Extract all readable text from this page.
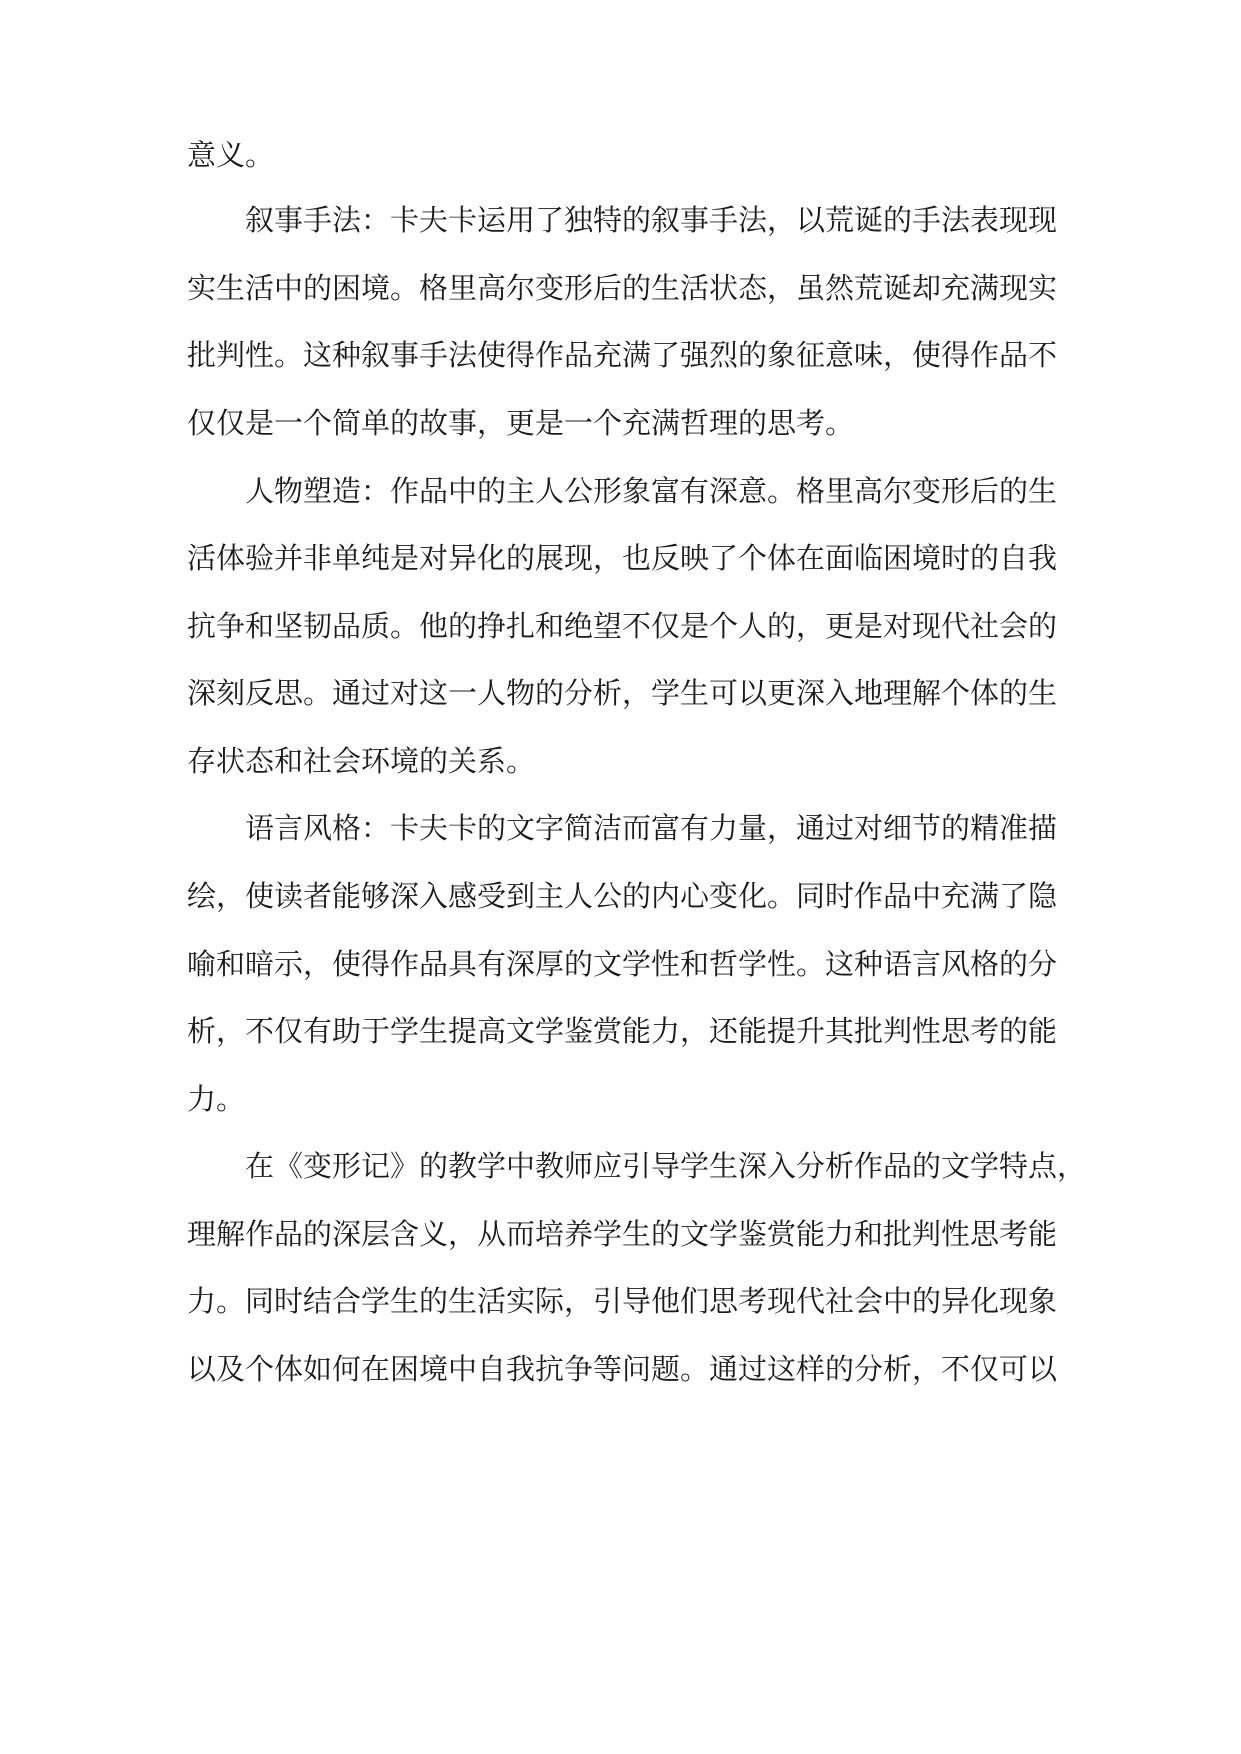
意义。

叙事手法：卡夫卡运用了独特的叙事手法，以荒诞的手法表现现

实生活中的困境。格里高尔变形后的生活状态，虽然荒诞却充满现实

批判性。这种叙事手法使得作品充满了强烈的象征意味，使得作品不

仅仅是一个简单的故事，更是一个充满哲理的思考。

人物塑造：作品中的主人公形象富有深意。格里高尔变形后的生

活体验并非单纯是对异化的展现，也反映了个体在面临困境时的自我

抗争和坚韧品质。他的挣扎和绝望不仅是个人的，更是对现代社会的

深刻反思。通过对这一人物的分析，学生可以更深入地理解个体的生

存状态和社会环境的关系。

语言风格：卡夫卡的文字简洁而富有力量，通过对细节的精准描

绘，使读者能够深入感受到主人公的内心变化。同时作品中充满了隐

喻和暗示，使得作品具有深厚的文学性和哲学性。这种语言风格的分

析，不仅有助于学生提高文学鉴赏能力，还能提升其批判性思考的能

力。

在《变形记》的教学中教师应引导学生深入分析作品的文学特点，

理解作品的深层含义，从而培养学生的文学鉴赏能力和批判性思考能

力。同时结合学生的生活实际，引导他们思考现代社会中的异化现象

以及个体如何在困境中自我抗争等问题。通过这样的分析，不仅可以
